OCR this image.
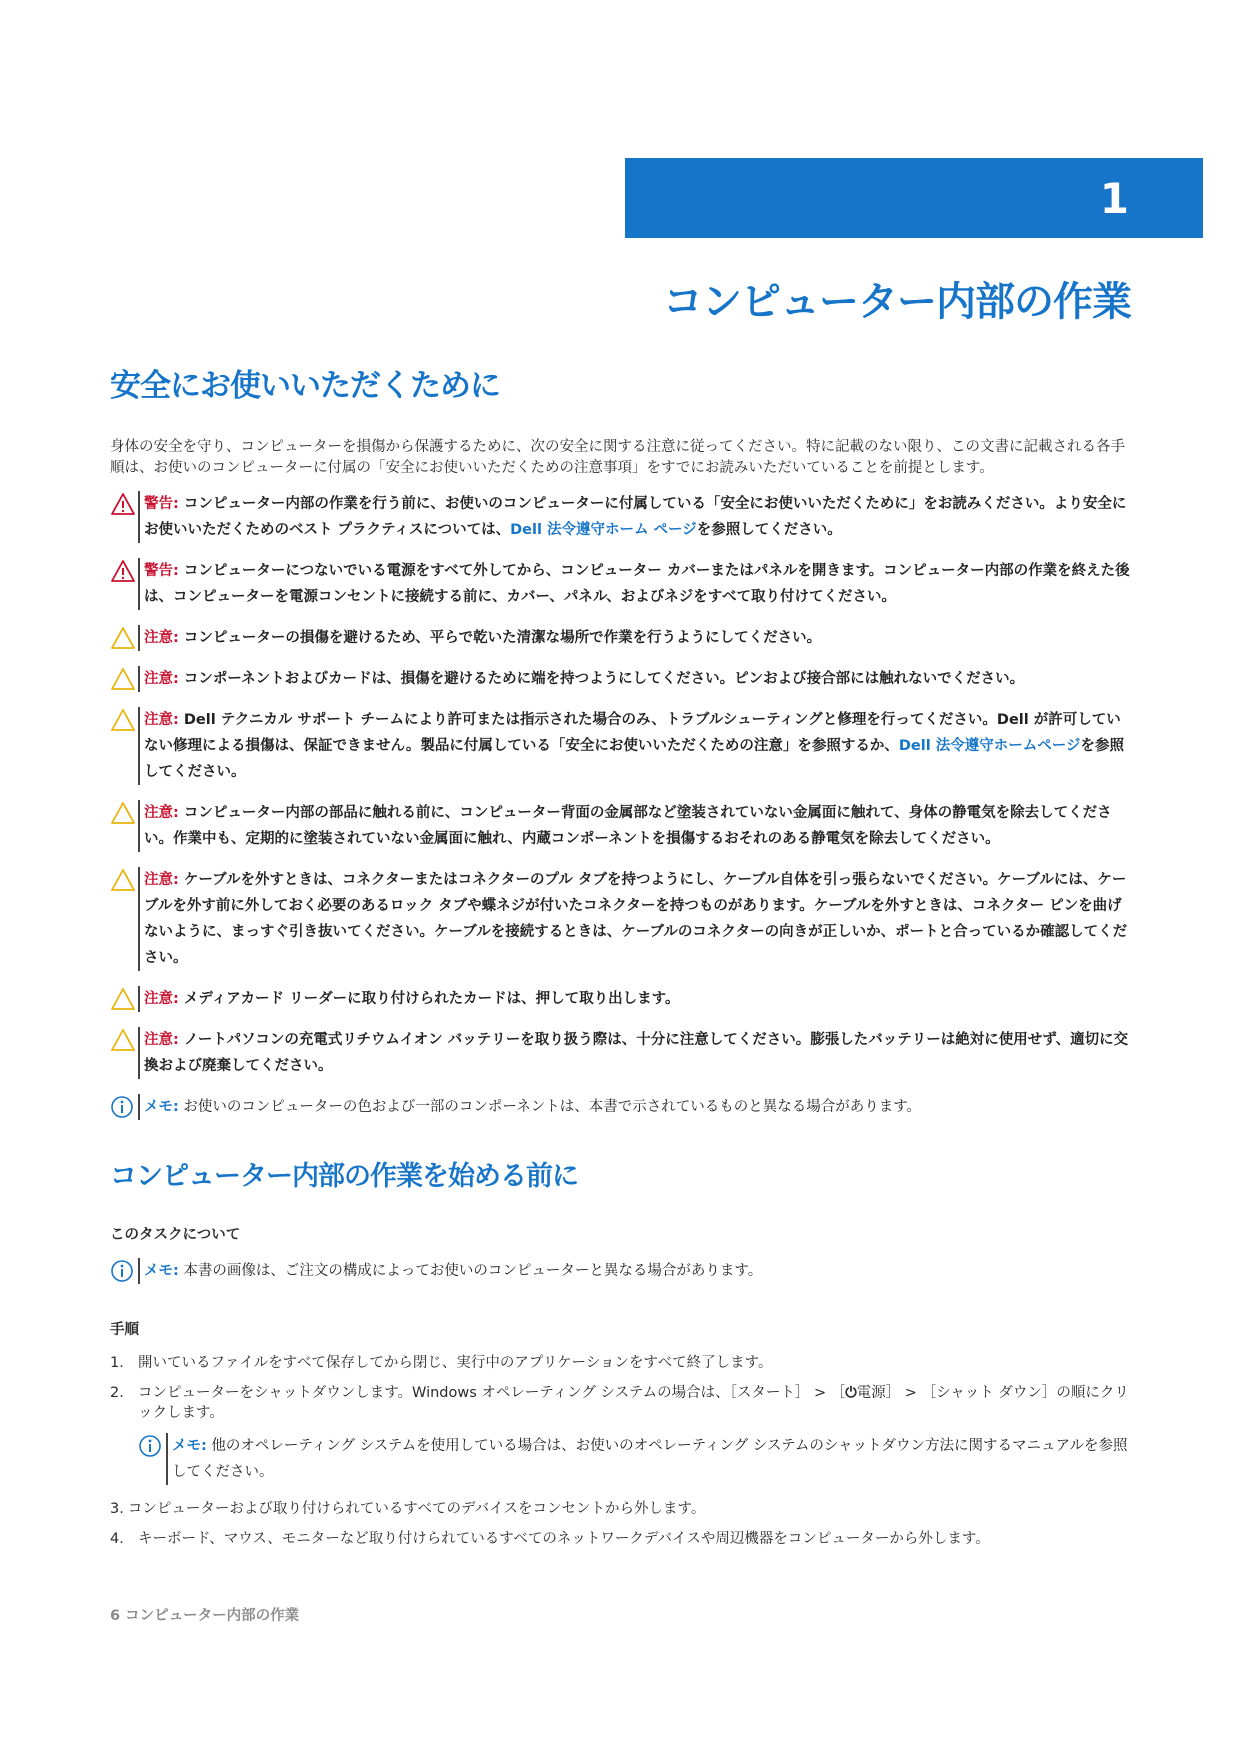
1
コンピューター内部の作業
安全にお使いいただくために

身体の安全を守り、コンピューターを損傷から保護するために、次の安全に関する注意に従ってください。特に記載のない限り、この文書に記載される各手順は、お使いのコンピューターに付属の「安全にお使いいただくための注意事項」をすでにお読みいただいていることを前提とします。

警告: コンピューター内部の作業を行う前に、お使いのコンピューターに付属している「安全にお使いいただくために」をお読みください。より安全にお使いいただくためのベスト プラクティスについては、Dell 法令遵守ホーム ページを参照してください。
警告: コンピューターにつないでいる電源をすべて外してから、コンピューター カバーまたはパネルを開きます。コンピューター内部の作業を終えた後は、コンピューターを電源コンセントに接続する前に、カバー、パネル、およびネジをすべて取り付けてください。
注意: コンピューターの損傷を避けるため、平らで乾いた清潔な場所で作業を行うようにしてください。
注意: コンポーネントおよびカードは、損傷を避けるために端を持つようにしてください。ピンおよび接合部には触れないでください。
注意: Dell テクニカル サポート チームにより許可または指示された場合のみ、トラブルシューティングと修理を行ってください。Dell が許可していない修理による損傷は、保証できません。製品に付属している「安全にお使いいただくための注意」を参照するか、Dell 法令遵守ホームページを参照してください。
注意: コンピューター内部の部品に触れる前に、コンピューター背面の金属部など塗装されていない金属面に触れて、身体の静電気を除去してください。作業中も、定期的に塗装されていない金属面に触れ、内蔵コンポーネントを損傷するおそれのある静電気を除去してください。
注意: ケーブルを外すときは、コネクターまたはコネクターのプル タブを持つようにし、ケーブル自体を引っ張らないでください。ケーブルには、ケーブルを外す前に外しておく必要のあるロック タブや蝶ネジが付いたコネクターを持つものがあります。ケーブルを外すときは、コネクター ピンを曲げないように、まっすぐ引き抜いてください。ケーブルを接続するときは、ケーブルのコネクターの向きが正しいか、ポートと合っているか確認してください。
注意: メディアカード リーダーに取り付けられたカードは、押して取り出します。
注意: ノートパソコンの充電式リチウムイオン バッテリーを取り扱う際は、十分に注意してください。膨張したバッテリーは絶対に使用せず、適切に交換および廃棄してください。
メモ: お使いのコンピューターの色および一部のコンポーネントは、本書で示されているものと異なる場合があります。
コンピューター内部の作業を始める前に
このタスクについて
メモ: 本書の画像は、ご注文の構成によってお使いのコンピューターと異なる場合があります。
手順
1. 開いているファイルをすべて保存してから閉じ、実行中のアプリケーションをすべて終了します。
2. コンピューターをシャットダウンします。Windows オペレーティング システムの場合は、［スタート］ > ［⏻電源］ > ［シャット ダウン］の順にクリックします。
メモ: 他のオペレーティング システムを使用している場合は、お使いのオペレーティング システムのシャットダウン方法に関するマニュアルを参照してください。
3. コンピューターおよび取り付けられているすべてのデバイスをコンセントから外します。
4. キーボード、マウス、モニターなど取り付けられているすべてのネットワークデバイスや周辺機器をコンピューターから外します。
6 コンピューター内部の作業
